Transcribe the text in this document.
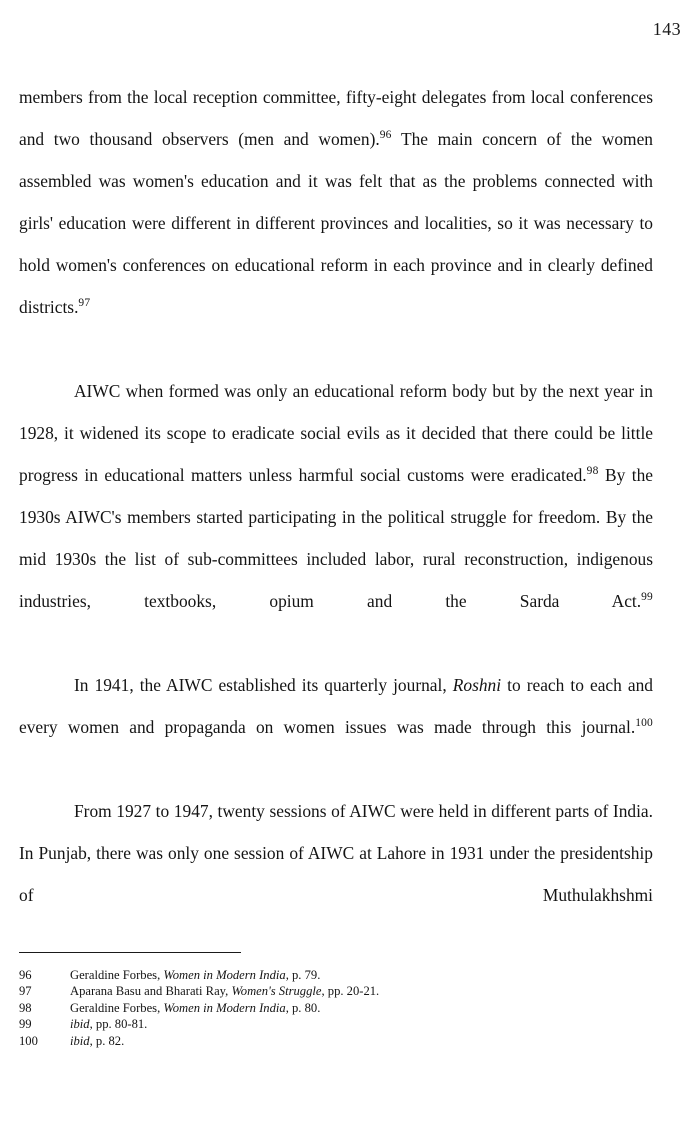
143

members from the local reception committee, fifty-eight delegates from local conferences and two thousand observers (men and women).$^{96}$ The main concern of the women assembled was women's education and it was felt that as the problems connected with girls' education were different in different provinces and localities, so it was necessary to hold women's conferences on educational reform in each province and in clearly defined districts.$^{97}$

AIWC when formed was only an educational reform body but by the next year in 1928, it widened its scope to eradicate social evils as it decided that there could be little progress in educational matters unless harmful social customs were eradicated.$^{98}$ By the 1930s AIWC's members started participating in the political struggle for freedom. By the mid 1930s the list of sub-committees included labor, rural reconstruction, indigenous industries, textbooks, opium and the Sarda Act.$^{99}$

In 1941, the AIWC established its quarterly journal, Roshni to reach to each and every women and propaganda on women issues was made through this journal.$^{100}$

From 1927 to 1947, twenty sessions of AIWC were held in different parts of India. In Punjab, there was only one session of AIWC at Lahore in 1931 under the presidentship of Muthulakhshmi

96	Geraldine Forbes, Women in Modern India, p. 79.
97	Aparana Basu and Bharati Ray, Women's Struggle, pp. 20-21.
98	Geraldine Forbes, Women in Modern India, p. 80.
99	ibid, pp. 80-81.
100	ibid, p. 82.
